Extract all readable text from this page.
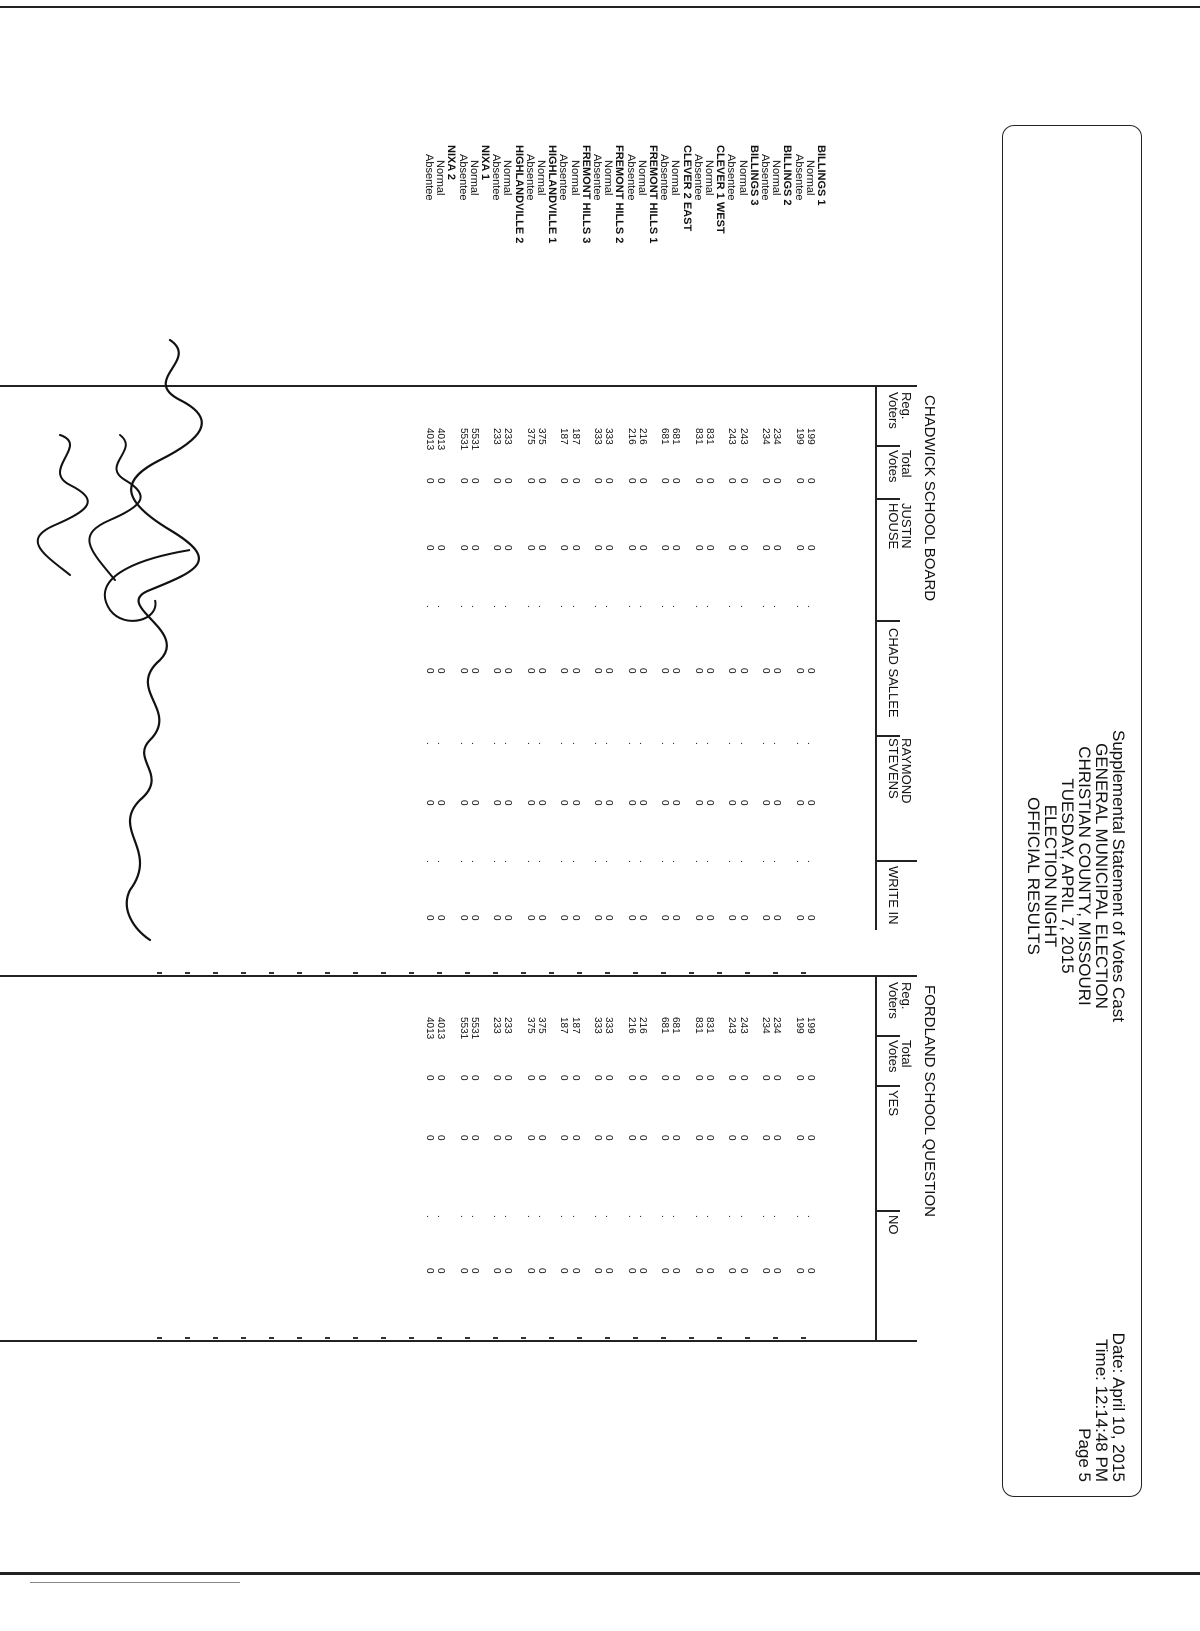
Supplemental Statement of Votes Cast
GENERAL MUNICIPAL ELECTION
CHRISTIAN COUNTY, MISSOURI
TUESDAY, APRIL 7, 2015
ELECTION NIGHT
OFFICIAL RESULTS
Date: April 10, 2015
Time: 12:14:48 PM
Page 5
CHADWICK SCHOOL BOARD
FORDLAND SCHOOL QUESTION
Reg.
Voters
Total
Votes
JUSTIN
HOUSE
CHAD SALLEE
RAYMOND
STEVENS
WRITE IN
Reg.
Voters
Total
Votes
YES
NO
BILLINGS 1
Normal
199
0
0
.
0
.
0
.
0
199
0
0
.
0
Absentee
199
0
0
.
0
.
0
.
0
199
0
0
.
0
BILLINGS 2
Normal
234
0
0
.
0
.
0
.
0
234
0
0
.
0
Absentee
234
0
0
.
0
.
0
.
0
234
0
0
.
0
BILLINGS 3
Normal
243
0
0
.
0
.
0
.
0
243
0
0
.
0
Absentee
243
0
0
.
0
.
0
.
0
243
0
0
.
0
CLEVER 1 WEST
Normal
831
0
0
.
0
.
0
.
0
831
0
0
.
0
Absentee
831
0
0
.
0
.
0
.
0
831
0
0
.
0
CLEVER 2 EAST
Normal
681
0
0
.
0
.
0
.
0
681
0
0
.
0
Absentee
681
0
0
.
0
.
0
.
0
681
0
0
.
0
FREMONT HILLS 1
Normal
216
0
0
.
0
.
0
.
0
216
0
0
.
0
Absentee
216
0
0
.
0
.
0
.
0
216
0
0
.
0
FREMONT HILLS 2
Normal
333
0
0
.
0
.
0
.
0
333
0
0
.
0
Absentee
333
0
0
.
0
.
0
.
0
333
0
0
.
0
FREMONT HILLS 3
Normal
187
0
0
.
0
.
0
.
0
187
0
0
.
0
Absentee
187
0
0
.
0
.
0
.
0
187
0
0
.
0
HIGHLANDVILLE 1
Normal
375
0
0
.
0
.
0
.
0
375
0
0
.
0
Absentee
375
0
0
.
0
.
0
.
0
375
0
0
.
0
HIGHLANDVILLE 2
Normal
233
0
0
.
0
.
0
.
0
233
0
0
.
0
Absentee
233
0
0
.
0
.
0
.
0
233
0
0
.
0
NIXA 1
Normal
5531
0
0
.
0
.
0
.
0
5531
0
0
.
0
Absentee
5531
0
0
.
0
.
0
.
0
5531
0
0
.
0
NIXA 2
Normal
4013
0
0
.
0
.
0
.
0
4013
0
0
.
0
Absentee
4013
0
0
.
0
.
0
.
0
4013
0
0
.
0
